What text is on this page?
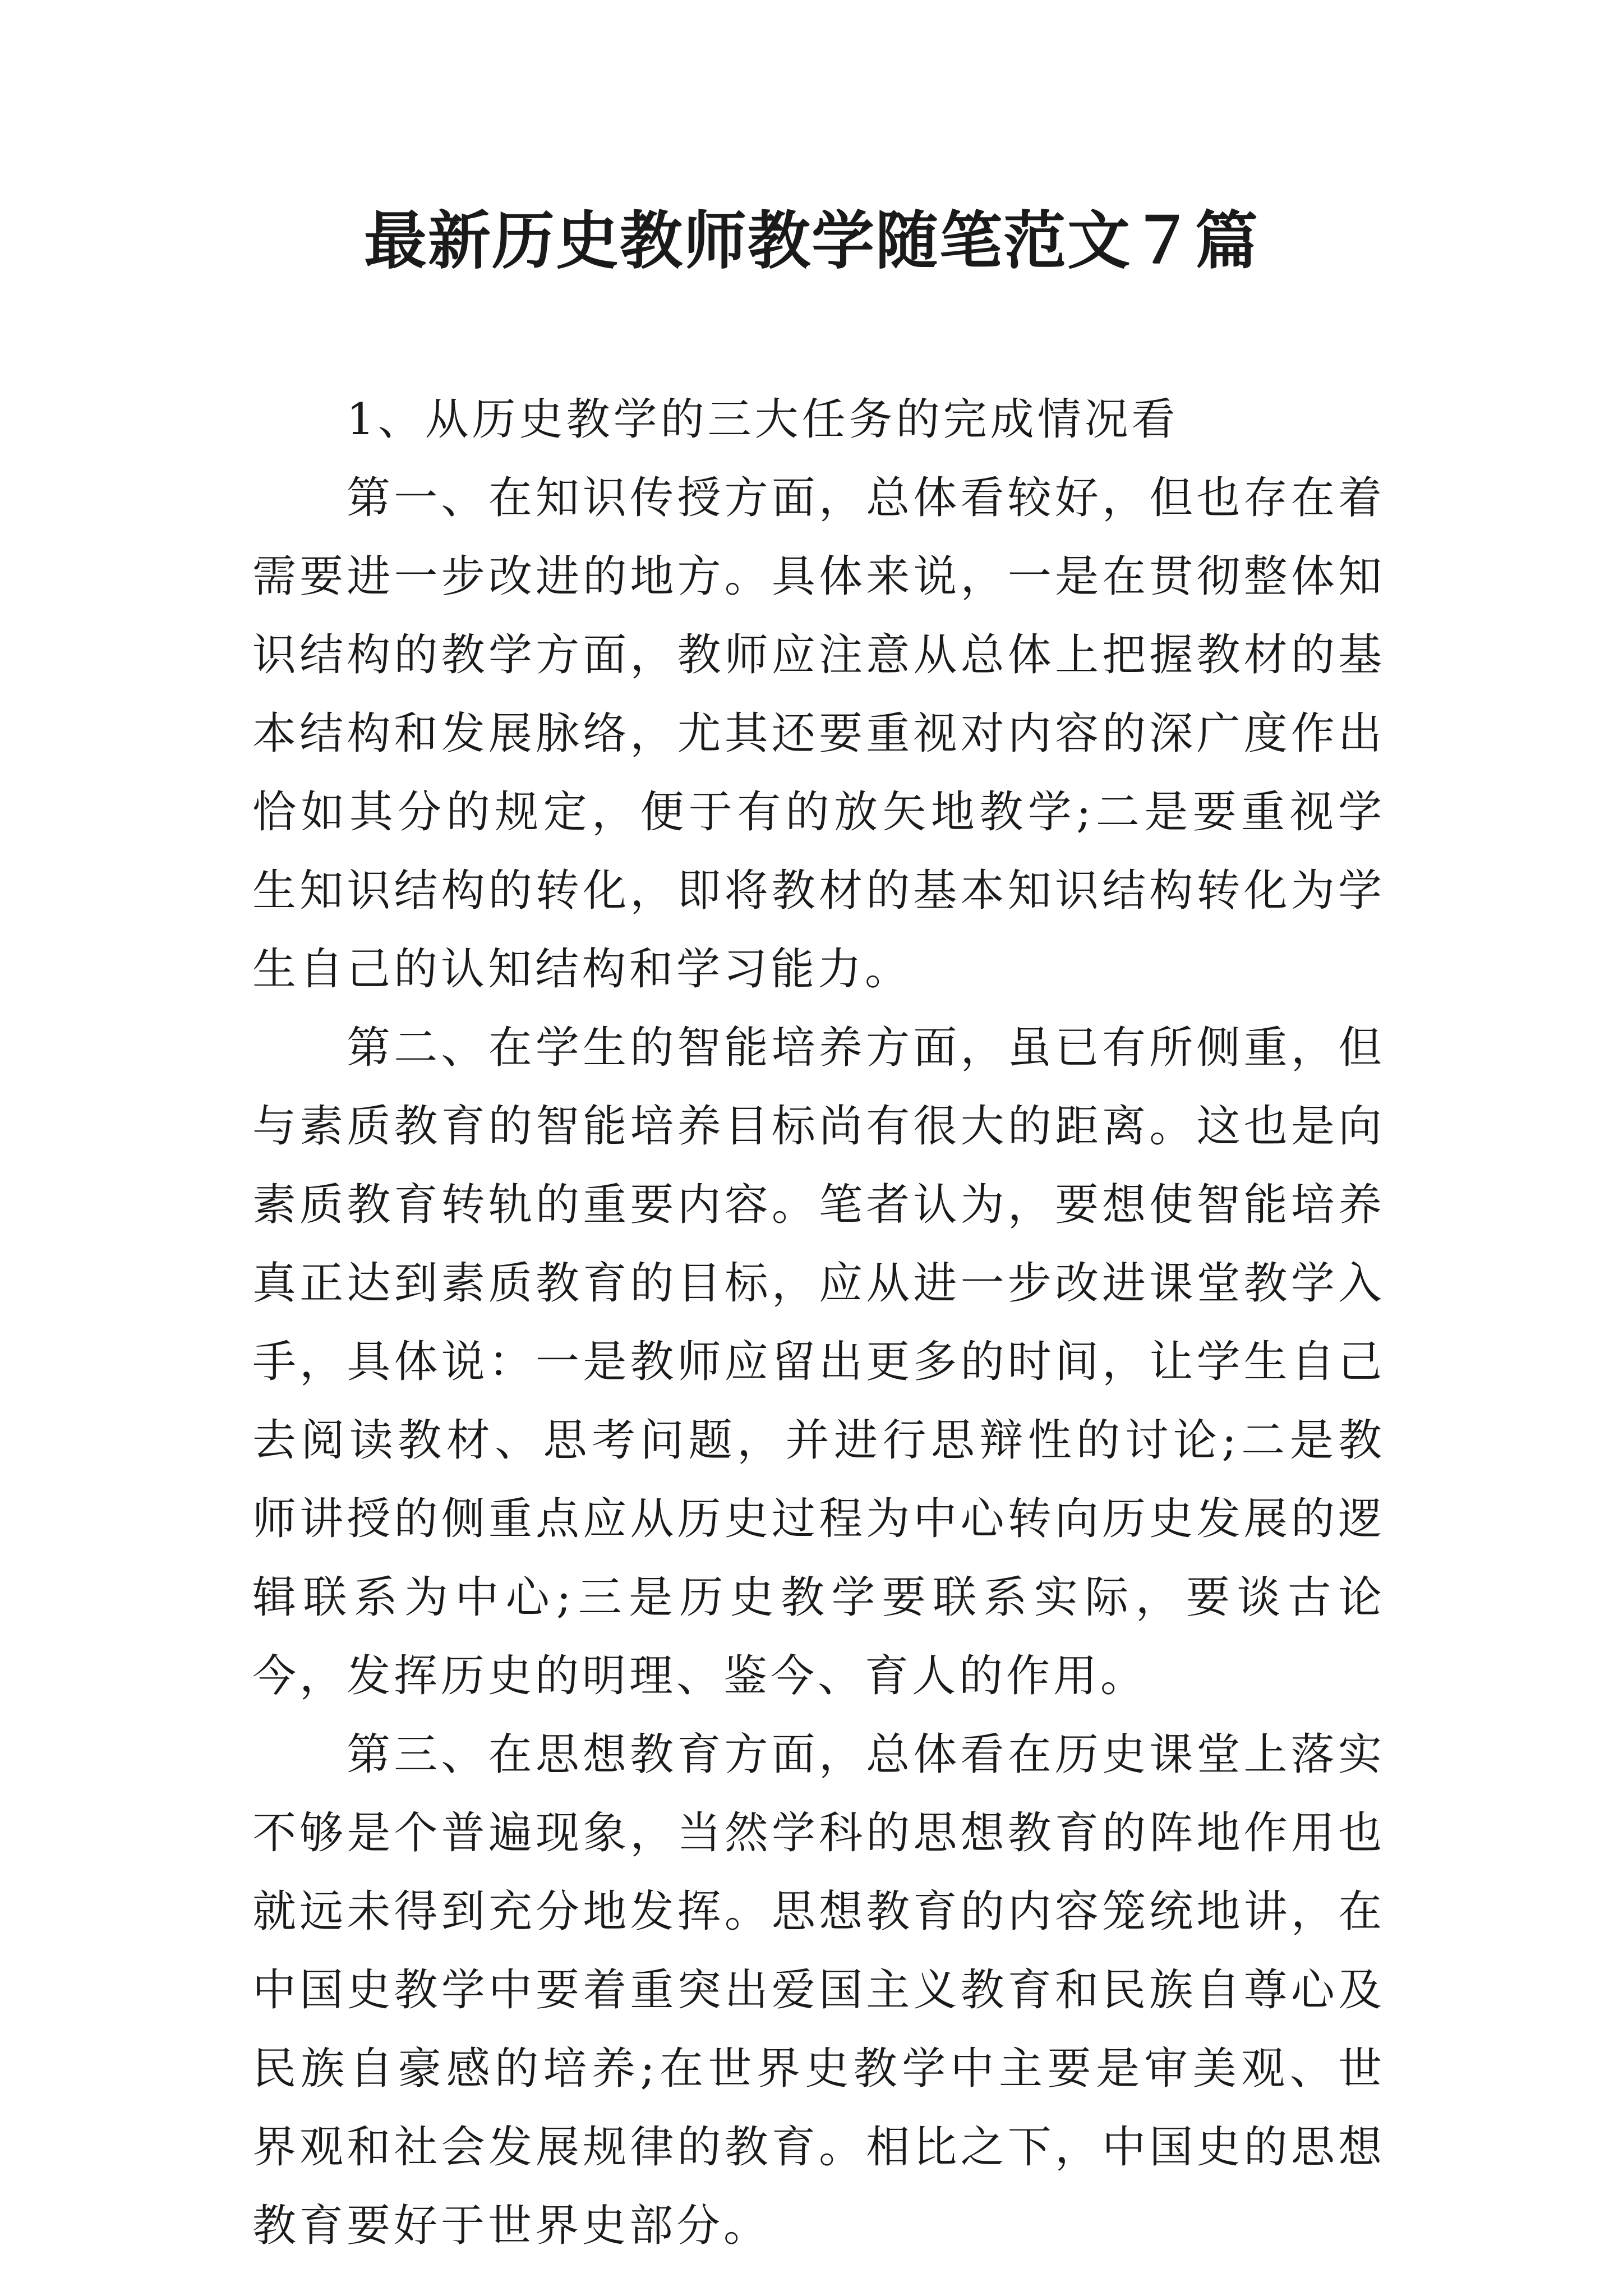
最新历史教师教学随笔范文７篇

1、从历史教学的三大任务的完成情况看

第一、在知识传授方面，总体看较好，但也存在着需要进一步改进的地方。具体来说，一是在贯彻整体知识结构的教学方面，教师应注意从总体上把握教材的基本结构和发展脉络，尤其还要重视对内容的深广度作出恰如其分的规定，便于有的放矢地教学;二是要重视学生知识结构的转化，即将教材的基本知识结构转化为学生自己的认知结构和学习能力。

第二、在学生的智能培养方面，虽已有所侧重，但与素质教育的智能培养目标尚有很大的距离。这也是向素质教育转轨的重要内容。笔者认为，要想使智能培养真正达到素质教育的目标，应从进一步改进课堂教学入手，具体说：一是教师应留出更多的时间，让学生自己去阅读教材、思考问题，并进行思辩性的讨论;二是教师讲授的侧重点应从历史过程为中心转向历史发展的逻辑联系为中心;三是历史教学要联系实际，要谈古论今，发挥历史的明理、鉴今、育人的作用。

第三、在思想教育方面，总体看在历史课堂上落实不够是个普遍现象，当然学科的思想教育的阵地作用也就远未得到充分地发挥。思想教育的内容笼统地讲，在中国史教学中要着重突出爱国主义教育和民族自尊心及民族自豪感的培养;在世界史教学中主要是审美观、世界观和社会发展规律的教育。相比之下，中国史的思想教育要好于世界史部分。
